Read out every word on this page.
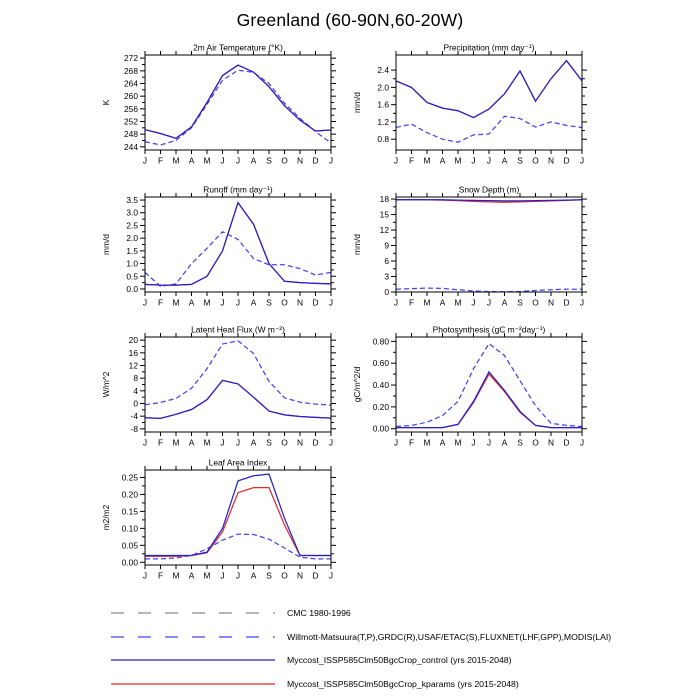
Greenland (60-90N,60-20W)
2m Air Temperature (°K)
K
J F M A M J J A S O N D J
244
248
252
256
260
264
268
272
Precipitation (mm day⁻¹)
mm/d
J F M A M J J A S O N D J
0.8
1.2
1.6
2.0
2.4
Runoff (mm day⁻¹)
mm/d
J F M A M J J A S O N D J
0.0
0.5
1.0
1.5
2.0
2.5
3.0
3.5
Snow Depth (m)
mm/d
J F M A M J J A S O N D J
0
3
6
9
12
15
18
Latent Heat Flux (W m⁻²)
W/m^2
J F M A M J J A S O N D J
-8
-4
0
4
8
12
16
20
Photosynthesis (gC m⁻²day⁻¹)
gC/m^2/d
J F M A M J J A S O N D J
0.00
0.20
0.40
0.60
0.80
Leaf Area Index
m2/m2
J F M A M J J A S O N D J
0.00
0.05
0.10
0.15
0.20
0.25
CMC 1980-1996
Willmott-Matsuura(T,P),GRDC(R),USAF/ETAC(S),FLUXNET(LHF,GPP),MODIS(LAI)
Myccost_ISSP585Clm50BgcCrop_control (yrs 2015-2048)
Myccost_ISSP585Clm50BgcCrop_kparams (yrs 2015-2048)
